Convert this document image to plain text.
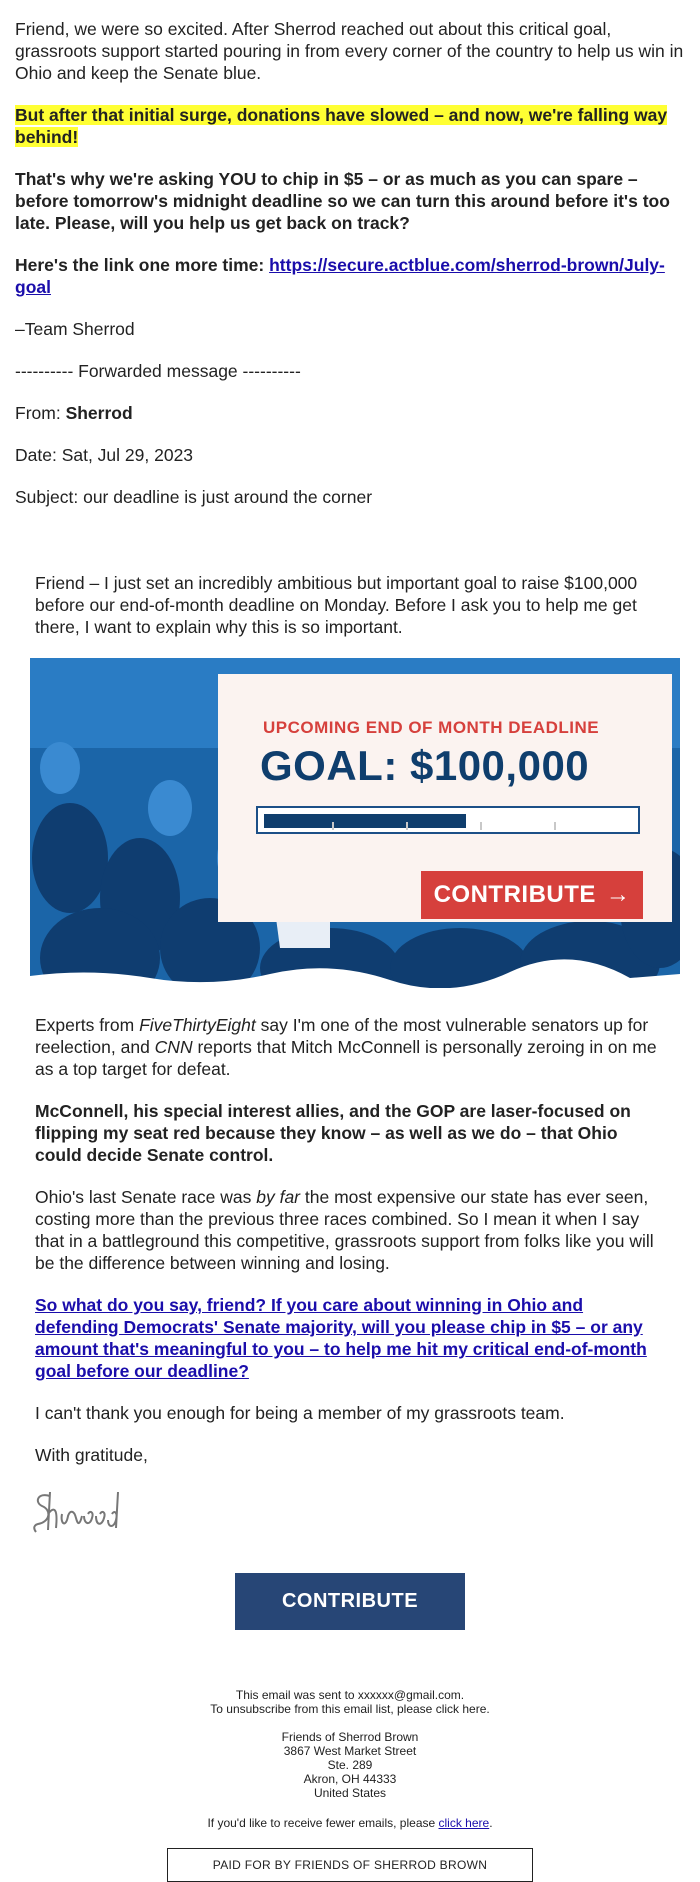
Friend, we were so excited. After Sherrod reached out about this critical goal, grassroots support started pouring in from every corner of the country to help us win in Ohio and keep the Senate blue.

But after that initial surge, donations have slowed – and now, we're falling way behind!

That's why we're asking YOU to chip in $5 – or as much as you can spare – before tomorrow's midnight deadline so we can turn this around before it's too late. Please, will you help us get back on track?

Here's the link one more time: https://secure.actblue.com/sherrod-brown/July-goal

–Team Sherrod

---------- Forwarded message ----------

From: Sherrod

Date: Sat, Jul 29, 2023

Subject: our deadline is just around the corner

Friend – I just set an incredibly ambitious but important goal to raise $100,000 before our end-of-month deadline on Monday. Before I ask you to help me get there, I want to explain why this is so important.

UPCOMING END OF MONTH DEADLINE
GOAL: $100,000
CONTRIBUTE →

Experts from FiveThirtyEight say I'm one of the most vulnerable senators up for reelection, and CNN reports that Mitch McConnell is personally zeroing in on me as a top target for defeat.

McConnell, his special interest allies, and the GOP are laser-focused on flipping my seat red because they know – as well as we do – that Ohio could decide Senate control.

Ohio's last Senate race was by far the most expensive our state has ever seen, costing more than the previous three races combined. So I mean it when I say that in a battleground this competitive, grassroots support from folks like you will be the difference between winning and losing.

So what do you say, friend? If you care about winning in Ohio and defending Democrats' Senate majority, will you please chip in $5 – or any amount that's meaningful to you – to help me hit my critical end-of-month goal before our deadline?

I can't thank you enough for being a member of my grassroots team.

With gratitude,

CONTRIBUTE

This email was sent to xxxxxx@gmail.com.

To unsubscribe from this email list, please click here.

Friends of Sherrod Brown

3867 West Market Street

Ste. 289

Akron, OH 44333

United States

If you'd like to receive fewer emails, please click here.

PAID FOR BY FRIENDS OF SHERROD BROWN
